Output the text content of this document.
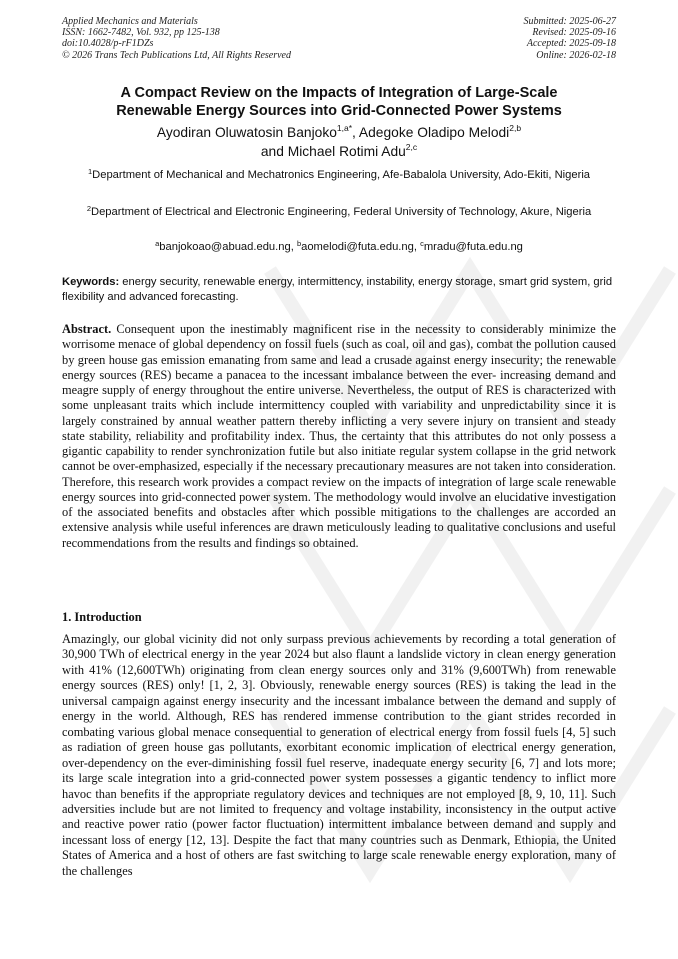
Applied Mechanics and Materials
ISSN: 1662-7482, Vol. 932, pp 125-138
doi:10.4028/p-rF1DZs
© 2026 Trans Tech Publications Ltd, All Rights Reserved
Submitted: 2025-06-27
Revised: 2025-09-16
Accepted: 2025-09-18
Online: 2026-02-18
A Compact Review on the Impacts of Integration of Large-Scale
Renewable Energy Sources into Grid-Connected Power Systems
Ayodiran Oluwatosin Banjoko$^{1,a*}$, Adegoke Oladipo Melodi$^{2,b}$
and Michael Rotimi Adu$^{2,c}$
$^1$Department of Mechanical and Mechatronics Engineering, Afe-Babalola University, Ado-Ekiti, Nigeria
$^2$Department of Electrical and Electronic Engineering, Federal University of Technology, Akure, Nigeria
$^a$banjokoao@abuad.edu.ng, $^b$aomelodi@futa.edu.ng, $^c$mradu@futa.edu.ng
Keywords: energy security, renewable energy, intermittency, instability, energy storage, smart grid system, grid flexibility and advanced forecasting.
Abstract. Consequent upon the inestimably magnificent rise in the necessity to considerably minimize the worrisome menace of global dependency on fossil fuels (such as coal, oil and gas), combat the pollution caused by green house gas emission emanating from same and lead a crusade against energy insecurity; the renewable energy sources (RES) became a panacea to the incessant imbalance between the ever- increasing demand and meagre supply of energy throughout the entire universe. Nevertheless, the output of RES is characterized with some unpleasant traits which include intermittency coupled with variability and unpredictability since it is largely constrained by annual weather pattern thereby inflicting a very severe injury on transient and steady state stability, reliability and profitability index. Thus, the certainty that this attributes do not only possess a gigantic capability to render synchronization futile but also initiate regular system collapse in the grid network cannot be over-emphasized, especially if the necessary precautionary measures are not taken into consideration. Therefore, this research work provides a compact review on the impacts of integration of large scale renewable energy sources into grid-connected power system. The methodology would involve an elucidative investigation of the associated benefits and obstacles after which possible mitigations to the challenges are accorded an extensive analysis while useful inferences are drawn meticulously leading to qualitative conclusions and useful recommendations from the results and findings so obtained.
1. Introduction
Amazingly, our global vicinity did not only surpass previous achievements by recording a total generation of 30,900 TWh of electrical energy in the year 2024 but also flaunt a landslide victory in clean energy generation with 41% (12,600TWh) originating from clean energy sources only and 31% (9,600TWh) from renewable energy sources (RES) only! [1, 2, 3]. Obviously, renewable energy sources (RES) is taking the lead in the universal campaign against energy insecurity and the incessant imbalance between the demand and supply of energy in the world. Although, RES has rendered immense contribution to the giant strides recorded in combating various global menace consequential to generation of electrical energy from fossil fuels [4, 5] such as radiation of green house gas pollutants, exorbitant economic implication of electrical energy generation, over-dependency on the ever-diminishing fossil fuel reserve, inadequate energy security [6, 7] and lots more; its large scale integration into a grid-connected power system possesses a gigantic tendency to inflict more havoc than benefits if the appropriate regulatory devices and techniques are not employed [8, 9, 10, 11]. Such adversities include but are not limited to frequency and voltage instability, inconsistency in the output active and reactive power ratio (power factor fluctuation) intermittent imbalance between demand and supply and incessant loss of energy [12, 13]. Despite the fact that many countries such as Denmark, Ethiopia, the United States of America and a host of others are fast switching to large scale renewable energy exploration, many of the challenges
